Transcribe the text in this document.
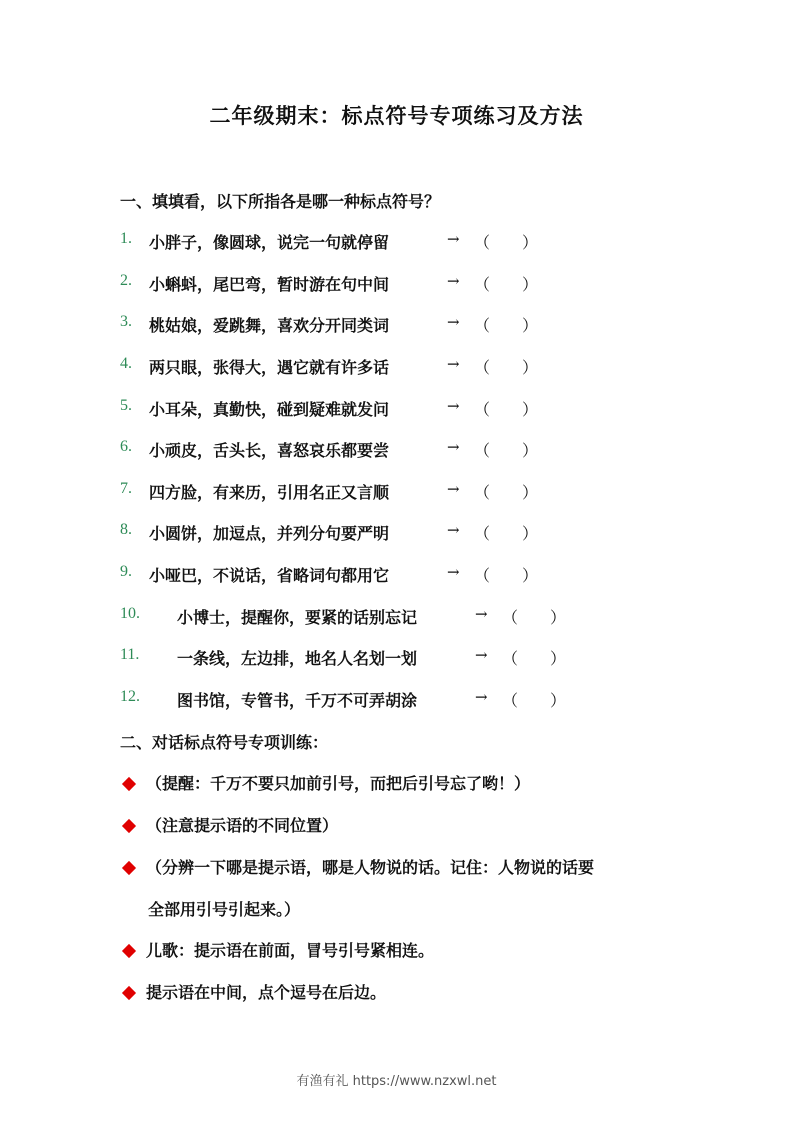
二年级期末：标点符号专项练习及方法
一、填填看，以下所指各是哪一种标点符号？
1. 小胖子，像圆球，说完一句就停留	→ （　　）
2. 小蝌蚪，尾巴弯，暂时游在句中间	→ （　　）
3. 桃姑娘，爱跳舞，喜欢分开同类词	→ （　　）
4. 两只眼，张得大，遇它就有许多话	→ （　　）
5. 小耳朵，真勤快，碰到疑难就发问	→ （　　）
6. 小顽皮，舌头长，喜怒哀乐都要尝	→ （　　）
7. 四方脸，有来历，引用名正又言顺	→ （　　）
8. 小圆饼，加逗点，并列分句要严明	→ （　　）
9. 小哑巴，不说话，省略词句都用它	→ （　　）
10. 小博士，提醒你，要紧的话别忘记	→ （　　）
11. 一条线，左边排，地名人名划一划	→ （　　）
12. 图书馆，专管书，千万不可弄胡涂	→ （　　）
二、对话标点符号专项训练：
（提醒：千万不要只加前引号，而把后引号忘了哟！）
（注意提示语的不同位置）
（分辨一下哪是提示语，哪是人物说的话。记住：人物说的话要
全部用引号引起来。）
儿歌：提示语在前面，冒号引号紧相连。
提示语在中间，点个逗号在后边。
有渔有礼 https://www.nzxwl.net
